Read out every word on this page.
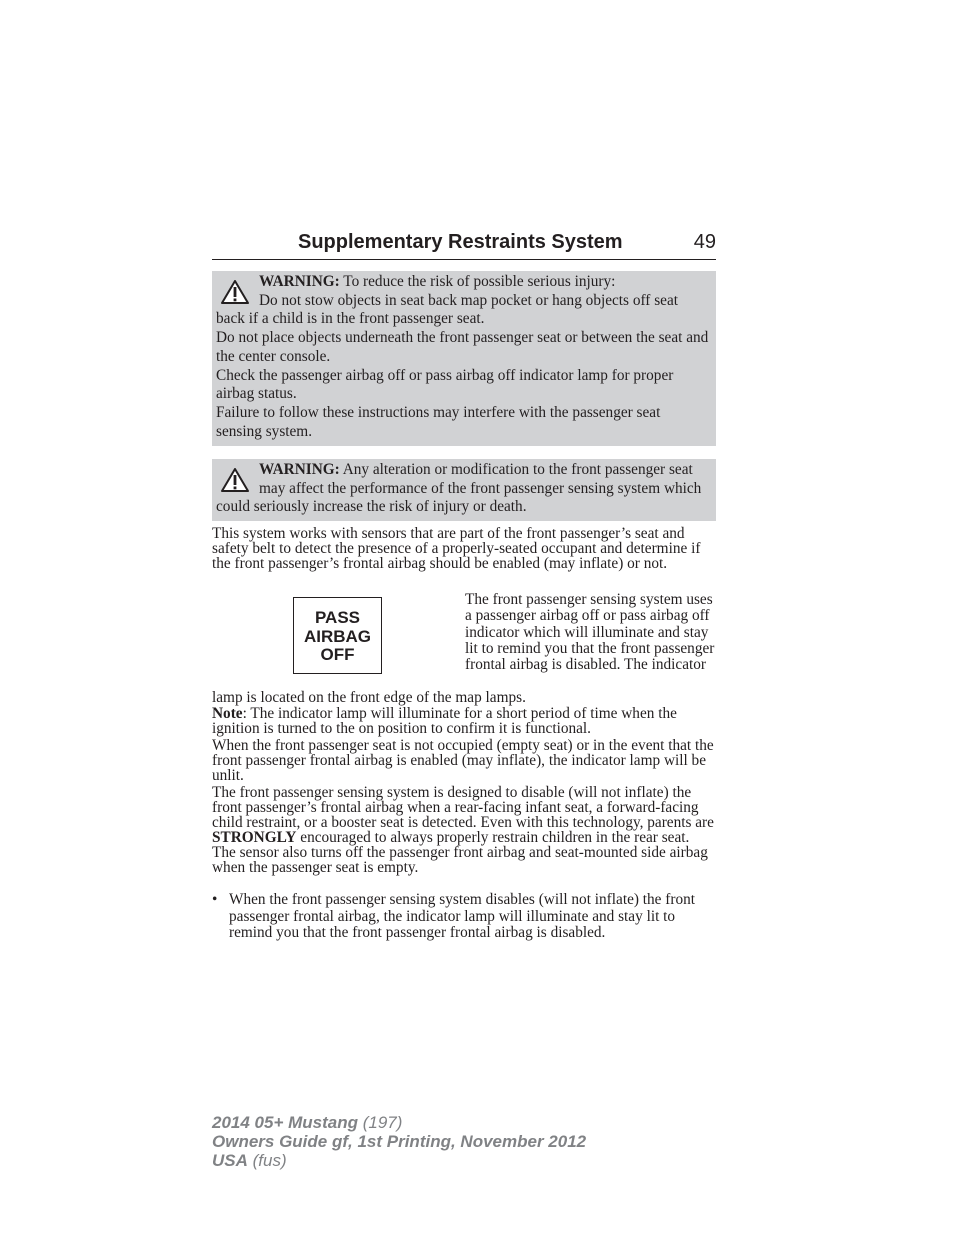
Supplementary Restraints System	49

WARNING: To reduce the risk of possible serious injury:

Do not stow objects in seat back map pocket or hang objects off seat back if a child is in the front passenger seat.

Do not place objects underneath the front passenger seat or between the seat and the center console.

Check the passenger airbag off or pass airbag off indicator lamp for proper airbag status.

Failure to follow these instructions may interfere with the passenger seat sensing system.

WARNING: Any alteration or modification to the front passenger seat may affect the performance of the front passenger sensing system which could seriously increase the risk of injury or death.

This system works with sensors that are part of the front passenger’s seat and safety belt to detect the presence of a properly-seated occupant and determine if the front passenger’s frontal airbag should be enabled (may inflate) or not.

PASS
AIRBAG
OFF
The front passenger sensing system uses a passenger airbag off or pass airbag off indicator which will illuminate and stay lit to remind you that the front passenger frontal airbag is disabled. The indicator

lamp is located on the front edge of the map lamps.

Note: The indicator lamp will illuminate for a short period of time when the ignition is turned to the on position to confirm it is functional.

When the front passenger seat is not occupied (empty seat) or in the event that the front passenger frontal airbag is enabled (may inflate), the indicator lamp will be unlit.

The front passenger sensing system is designed to disable (will not inflate) the front passenger’s frontal airbag when a rear-facing infant seat, a forward-facing child restraint, or a booster seat is detected. Even with this technology, parents are STRONGLY encouraged to always properly restrain children in the rear seat. The sensor also turns off the passenger front airbag and seat-mounted side airbag when the passenger seat is empty.

• When the front passenger sensing system disables (will not inflate) the front passenger frontal airbag, the indicator lamp will illuminate and stay lit to remind you that the front passenger frontal airbag is disabled.
2014 05+ Mustang (197)
Owners Guide gf, 1st Printing, November 2012
USA (fus)
